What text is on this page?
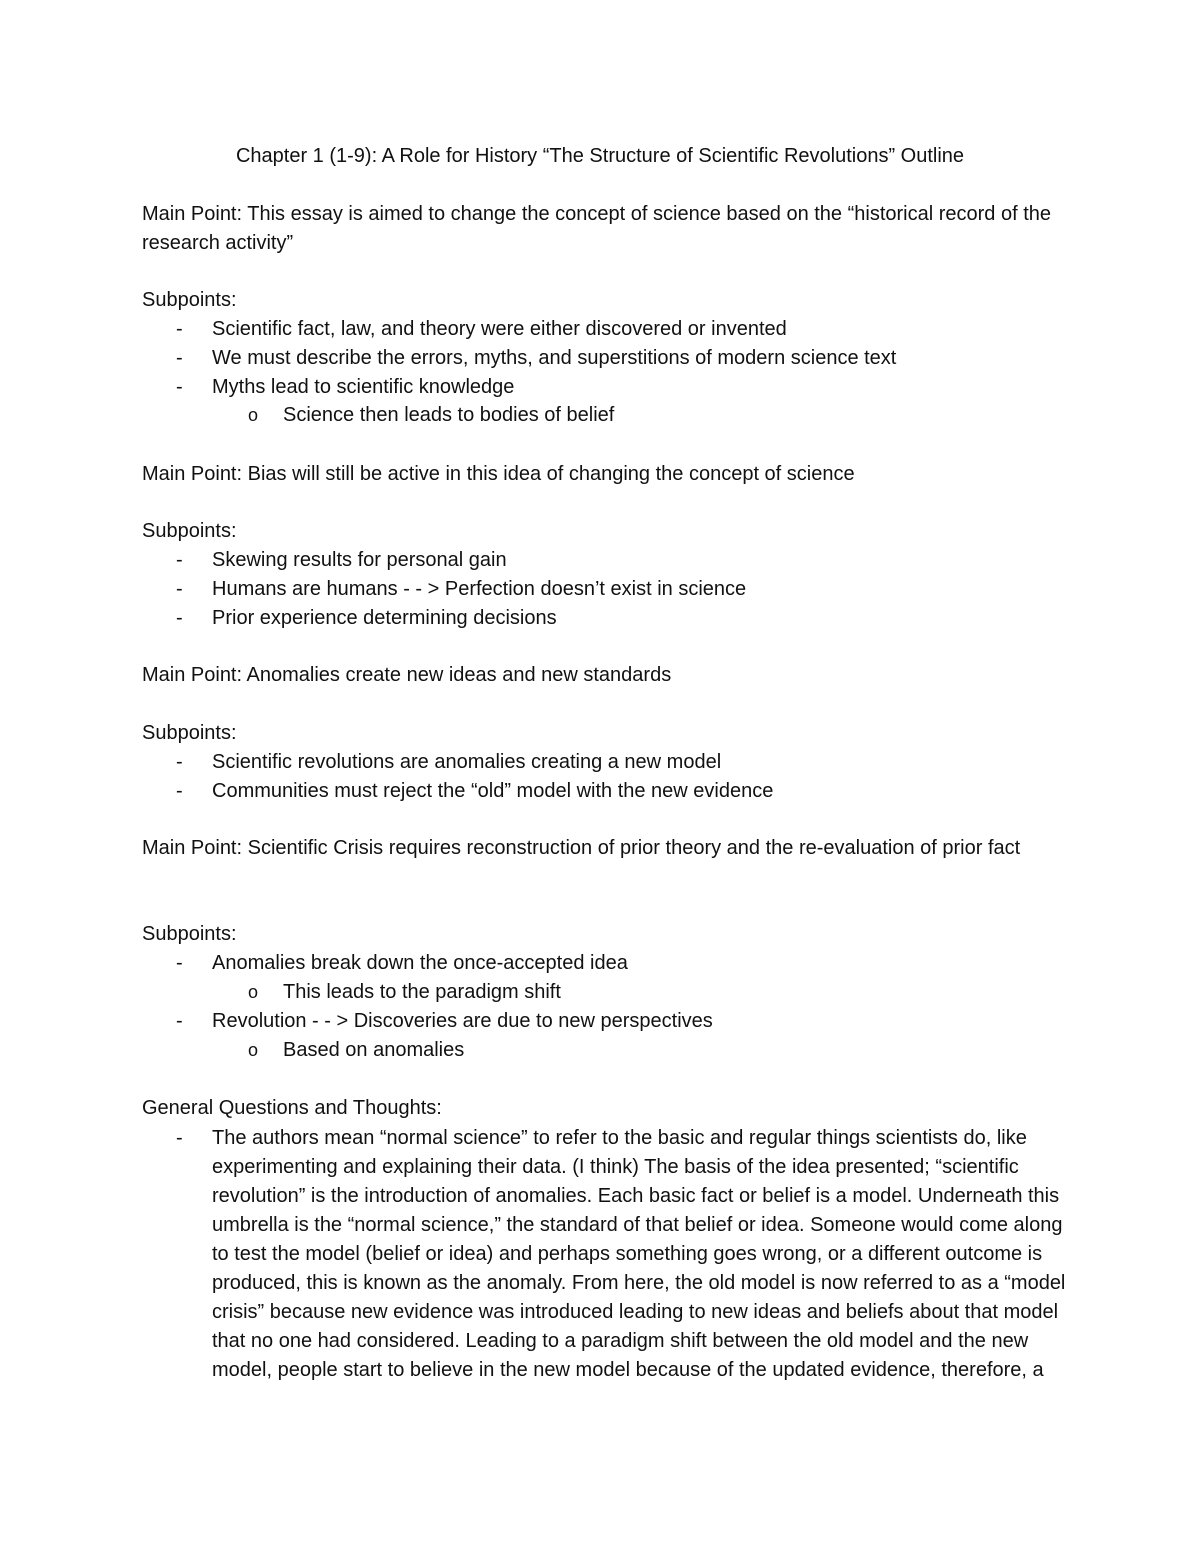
Chapter 1 (1-9): A Role for History “The Structure of Scientific Revolutions” Outline

Main Point: This essay is aimed to change the concept of science based on the “historical record of the research activity”

Subpoints:
- Scientific fact, law, and theory were either discovered or invented
- We must describe the errors, myths, and superstitions of modern science text
- Myths lead to scientific knowledge
o Science then leads to bodies of belief

Main Point: Bias will still be active in this idea of changing the concept of science

Subpoints:
- Skewing results for personal gain
- Humans are humans - - > Perfection doesn’t exist in science
- Prior experience determining decisions

Main Point: Anomalies create new ideas and new standards

Subpoints:
- Scientific revolutions are anomalies creating a new model
- Communities must reject the “old” model with the new evidence

Main Point: Scientific Crisis requires reconstruction of prior theory and the re-evaluation of prior fact

Subpoints:
- Anomalies break down the once-accepted idea
o This leads to the paradigm shift
- Revolution - - > Discoveries are due to new perspectives
o Based on anomalies
General Questions and Thoughts:
- The authors mean “normal science” to refer to the basic and regular things scientists do, like experimenting and explaining their data. (I think) The basis of the idea presented; “scientific revolution” is the introduction of anomalies. Each basic fact or belief is a model. Underneath this umbrella is the “normal science,” the standard of that belief or idea. Someone would come along to test the model (belief or idea) and perhaps something goes wrong, or a different outcome is produced, this is known as the anomaly. From here, the old model is now referred to as a “model crisis” because new evidence was introduced leading to new ideas and beliefs about that model that no one had considered. Leading to a paradigm shift between the old model and the new model, people start to believe in the new model because of the updated evidence, therefore, a
